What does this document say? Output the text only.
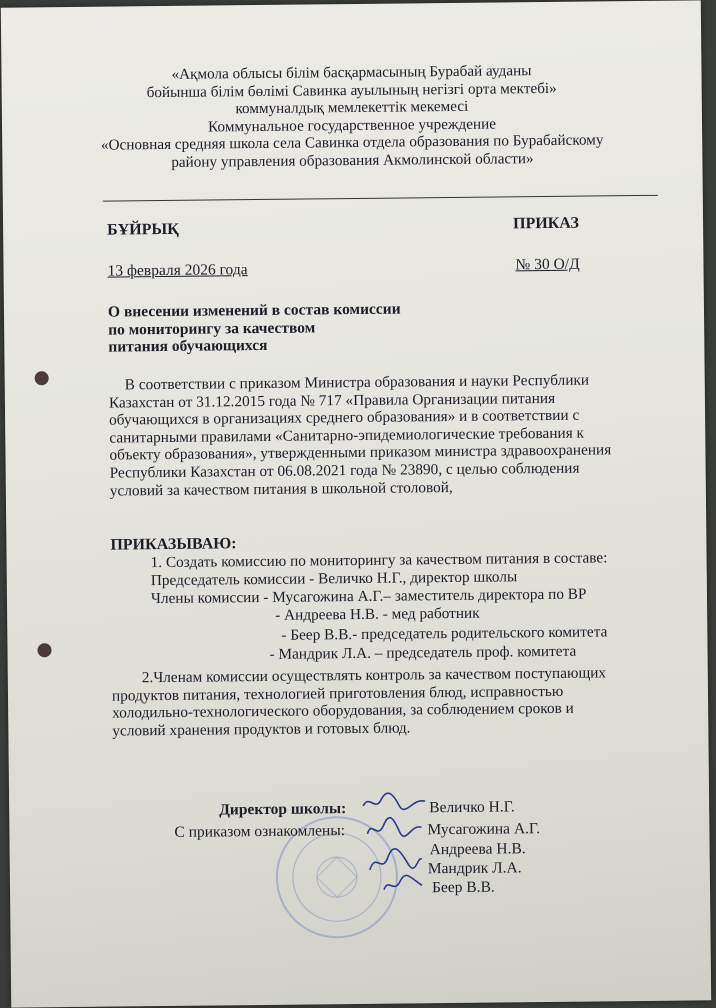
«Ақмола облысы білім басқармасының Бурабай ауданы
бойынша білім бөлімі Савинка ауылының негізгі орта мектебі»
коммуналдық мемлекеттік мекемесі
Коммунальное государственное учреждение
«Основная средняя школа села Савинка отдела образования по Бурабайскому
району управления образования Акмолинской области»
БҰЙРЫҚ	ПРИКАЗ
13 февраля 2026 года	№ 30 О/Д
О внесении изменений в состав комиссии
по мониторингу за качеством
питания обучающихся
В соответствии с приказом Министра образования и науки Республики
Казахстан от 31.12.2015 года № 717 «Правила Организации питания
обучающихся в организациях среднего образования» и в соответствии с
санитарными правилами «Санитарно-эпидемиологические требования к
объекту образования», утвержденными приказом министра здравоохранения
Республики Казахстан от 06.08.2021 года № 23890, с целью соблюдения
условий за качеством питания в школьной столовой,
ПРИКАЗЫВАЮ:
1. Создать комиссию по мониторингу за качеством питания в составе:
Председатель комиссии - Величко Н.Г., директор школы
Члены комиссии - Мусагожина А.Г.– заместитель директора по ВР
- Андреева Н.В. - мед работник
- Беер В.В.- председатель родительского комитета
- Мандрик Л.А. – председатель проф. комитета
2.Членам комиссии осуществлять контроль за качеством поступающих
продуктов питания, технологией приготовления блюд, исправностью
холодильно-технологического оборудования, за соблюдением сроков и
условий хранения продуктов и готовых блюд.
Директор школы:	Величко Н.Г.
С приказом ознакомлены:	Мусагожина А.Г.
Андреева Н.В.
Мандрик Л.А.
Беер В.В.
